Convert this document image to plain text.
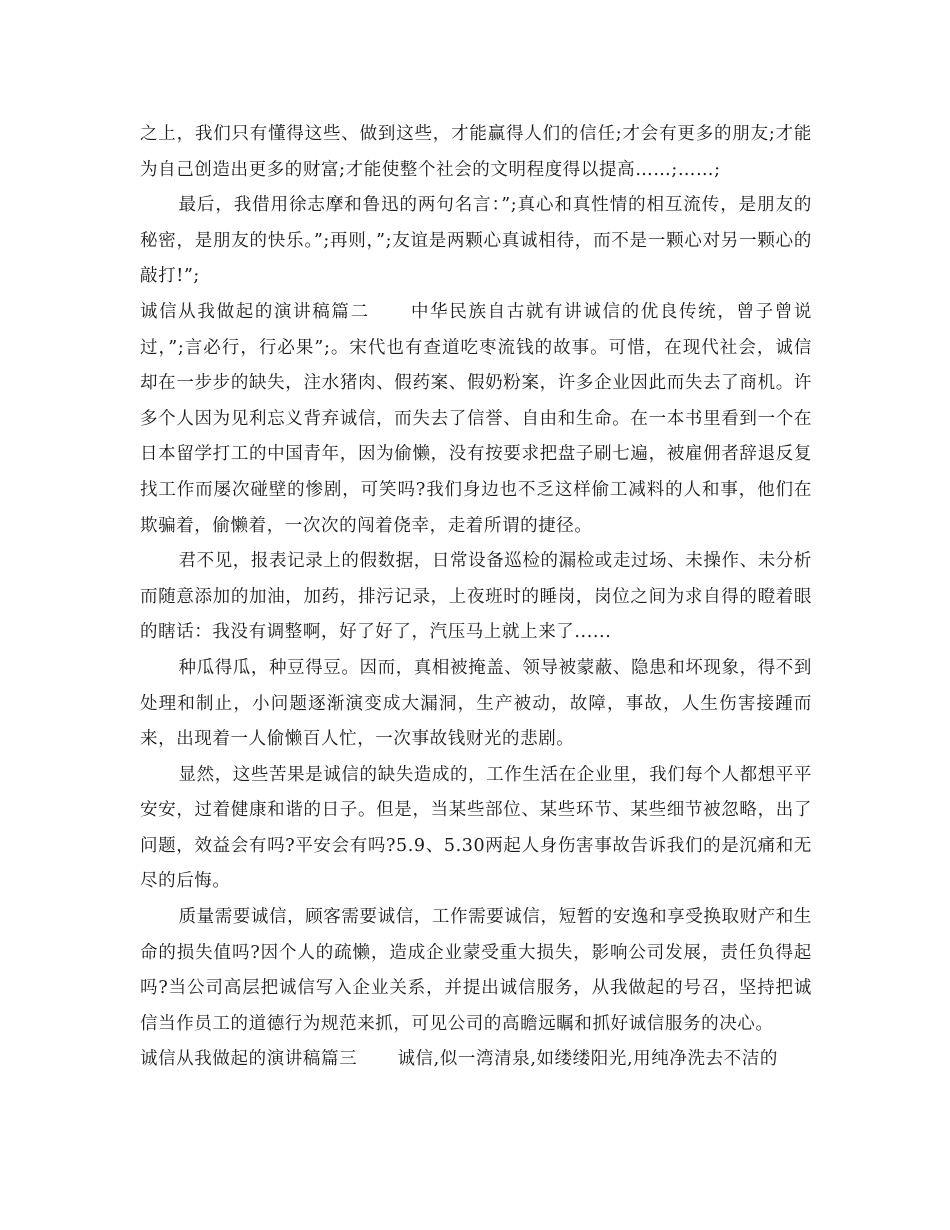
之上，我们只有懂得这些、做到这些，才能赢得人们的信任;才会有更多的朋友;才能为自己创造出更多的财富;才能使整个社会的文明程度得以提高……;……;

最后，我借用徐志摩和鲁迅的两句名言：”;真心和真性情的相互流传，是朋友的秘密，是朋友的快乐。”;再则，”;友谊是两颗心真诚相待，而不是一颗心对另一颗心的敲打!”;

诚信从我做起的演讲稿篇二 中华民族自古就有讲诚信的优良传统，曾子曾说过，”;言必行，行必果”;。宋代也有查道吃枣流钱的故事。可惜，在现代社会，诚信却在一步步的缺失，注水猪肉、假药案、假奶粉案，许多企业因此而失去了商机。许多个人因为见利忘义背弃诚信，而失去了信誉、自由和生命。在一本书里看到一个在日本留学打工的中国青年，因为偷懒，没有按要求把盘子刷七遍，被雇佣者辞退反复找工作而屡次碰壁的惨剧，可笑吗?我们身边也不乏这样偷工减料的人和事，他们在欺骗着，偷懒着，一次次的闯着侥幸，走着所谓的捷径。

君不见，报表记录上的假数据，日常设备巡检的漏检或走过场、未操作、未分析而随意添加的加油，加药，排污记录，上夜班时的睡岗，岗位之间为求自得的瞪着眼的瞎话：我没有调整啊，好了好了，汽压马上就上来了......

种瓜得瓜，种豆得豆。因而，真相被掩盖、领导被蒙蔽、隐患和坏现象，得不到处理和制止，小问题逐渐演变成大漏洞，生产被动，故障，事故，人生伤害接踵而来，出现着一人偷懒百人忙，一次事故钱财光的悲剧。

显然，这些苦果是诚信的缺失造成的，工作生活在企业里，我们每个人都想平平安安，过着健康和谐的日子。但是，当某些部位、某些环节、某些细节被忽略，出了问题，效益会有吗?平安会有吗?5.9、5.30两起人身伤害事故告诉我们的是沉痛和无尽的后悔。

质量需要诚信，顾客需要诚信，工作需要诚信，短暂的安逸和享受换取财产和生命的损失值吗?因个人的疏懒，造成企业蒙受重大损失，影响公司发展，责任负得起吗?当公司高层把诚信写入企业关系，并提出诚信服务，从我做起的号召，坚持把诚信当作员工的道德行为规范来抓，可见公司的高瞻远瞩和抓好诚信服务的决心。

诚信从我做起的演讲稿篇三 诚信,似一湾清泉,如缕缕阳光,用纯净洗去不洁的
